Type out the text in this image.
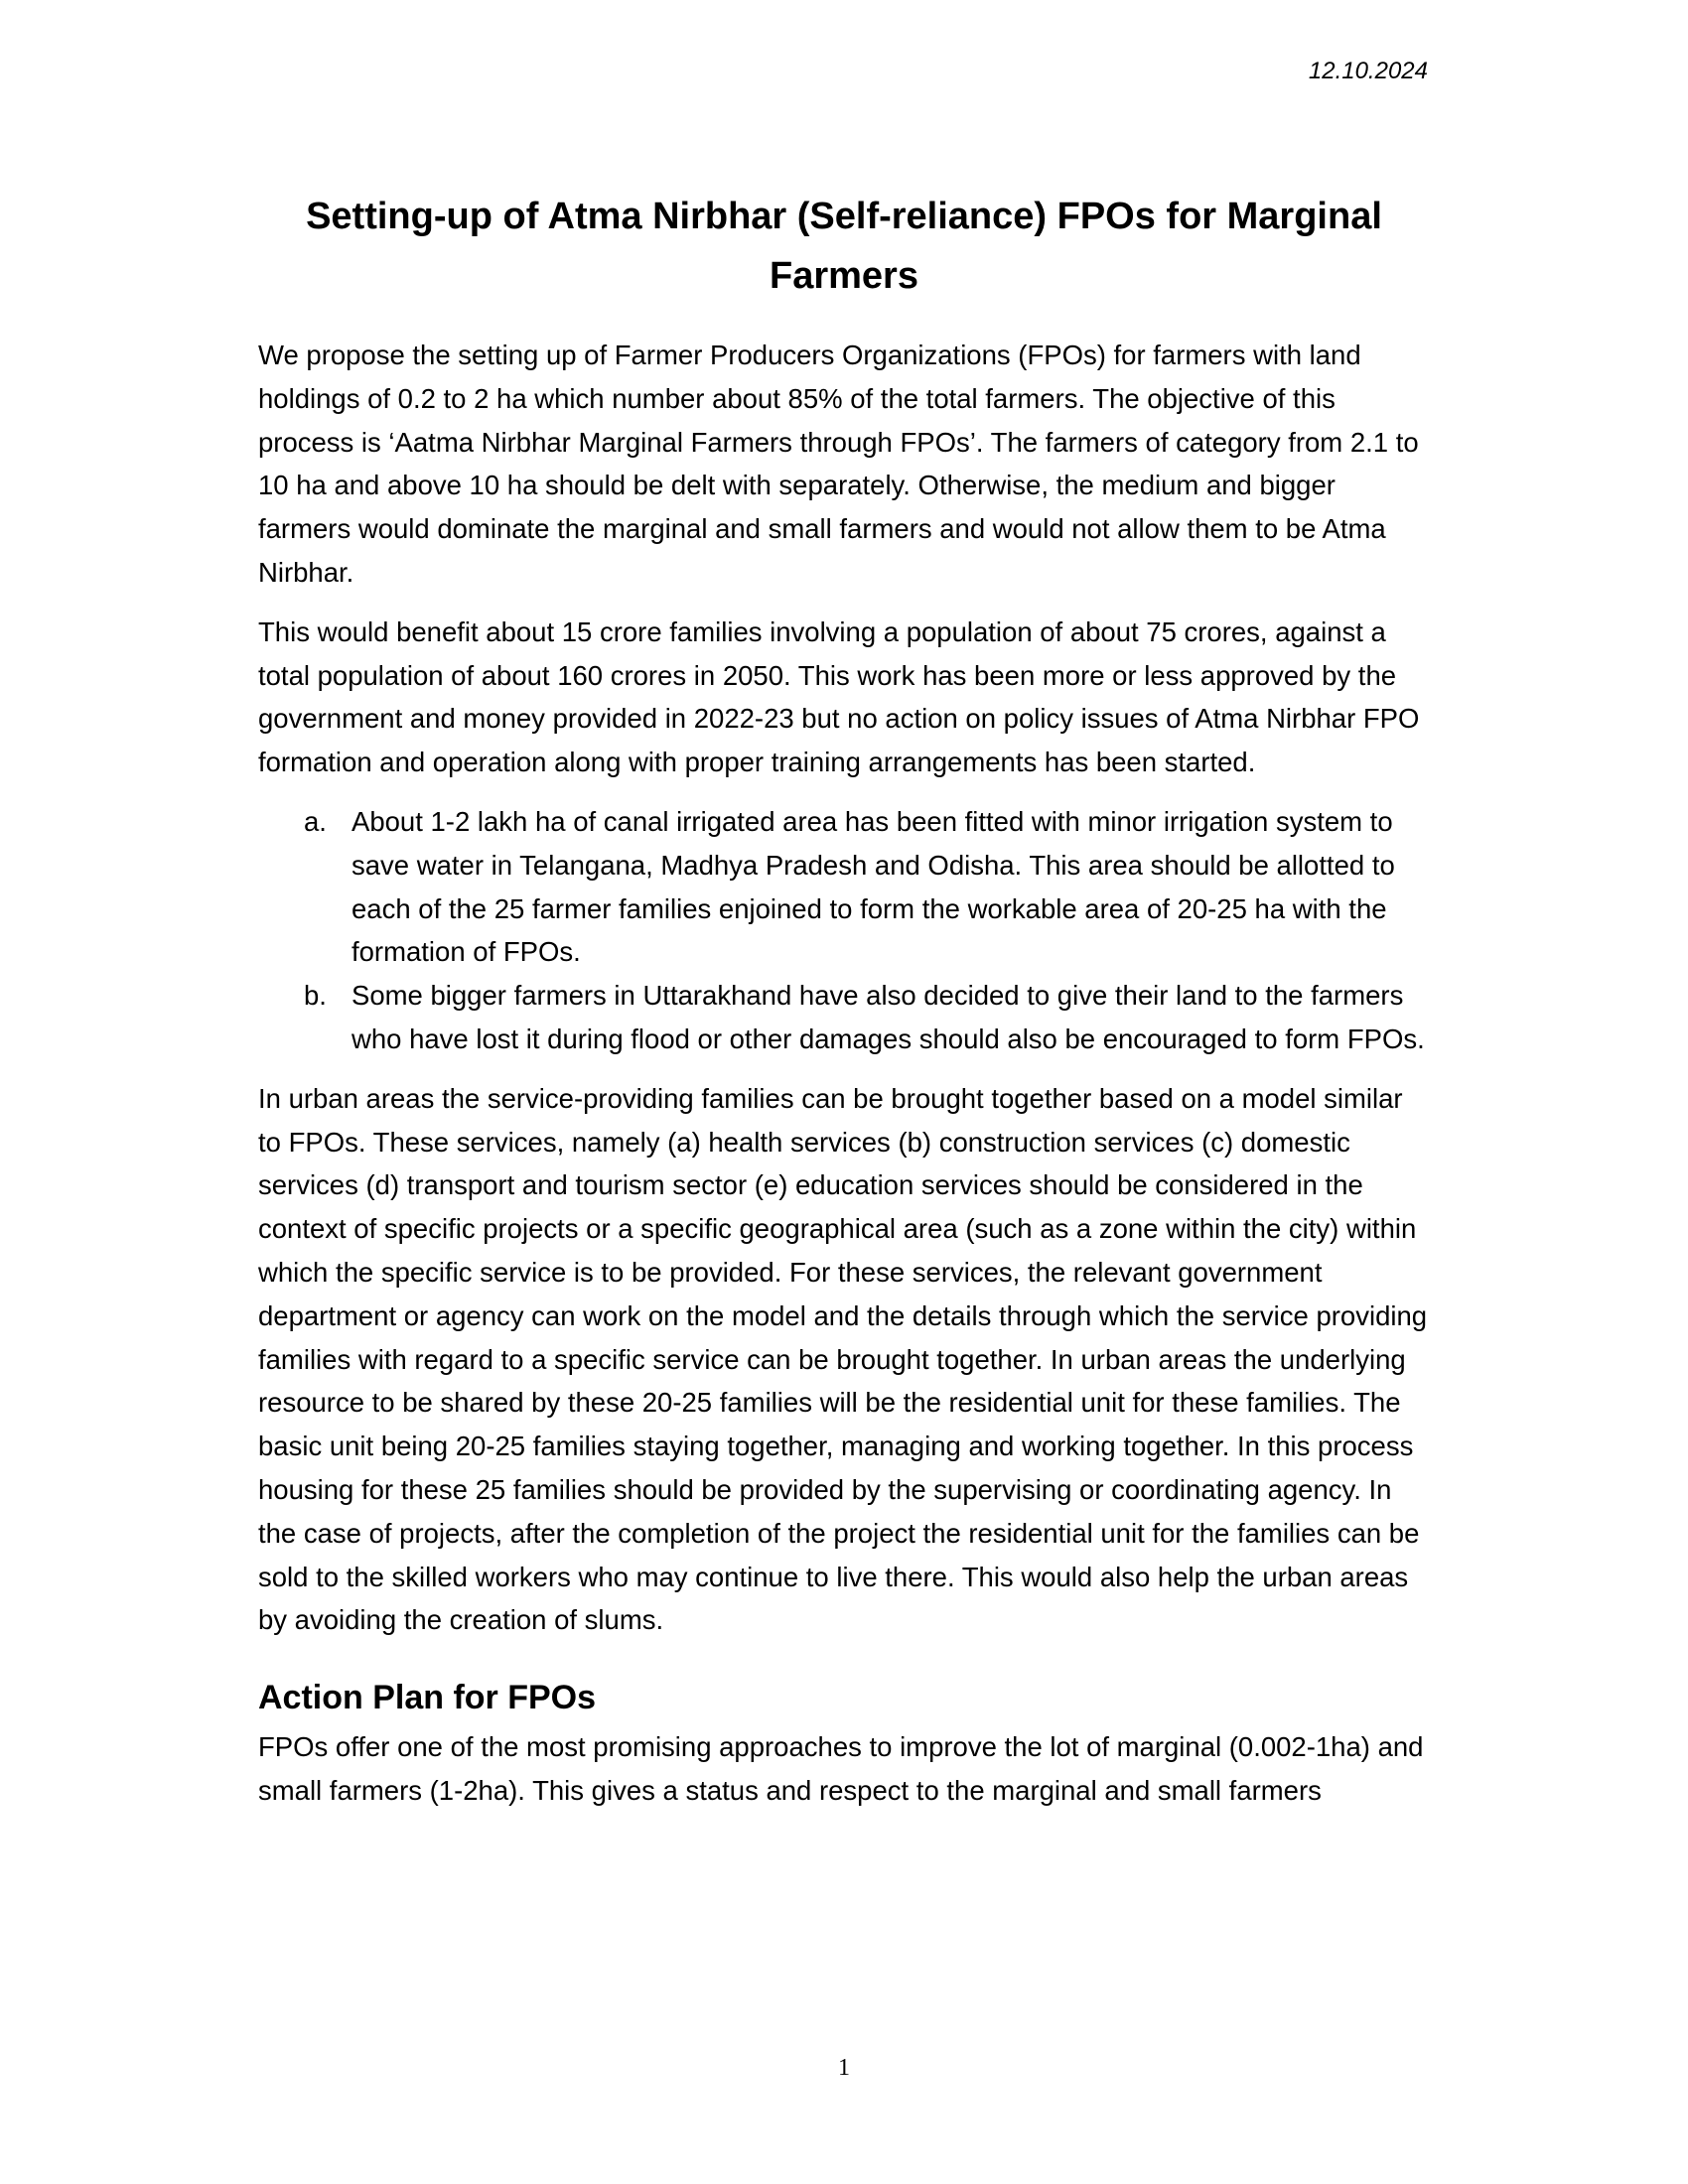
12.10.2024
Setting-up of Atma Nirbhar (Self-reliance) FPOs for Marginal Farmers

We propose the setting up of Farmer Producers Organizations (FPOs) for farmers with land holdings of 0.2 to 2 ha which number about 85% of the total farmers. The objective of this process is ‘Aatma Nirbhar Marginal Farmers through FPOs’. The farmers of category from 2.1 to 10 ha and above 10 ha should be delt with separately. Otherwise, the medium and bigger farmers would dominate the marginal and small farmers and would not allow them to be Atma Nirbhar.

This would benefit about 15 crore families involving a population of about 75 crores, against a total population of about 160 crores in 2050. This work has been more or less approved by the government and money provided in 2022-23 but no action on policy issues of Atma Nirbhar FPO formation and operation along with proper training arrangements has been started.

a. About 1-2 lakh ha of canal irrigated area has been fitted with minor irrigation system to save water in Telangana, Madhya Pradesh and Odisha. This area should be allotted to each of the 25 farmer families enjoined to form the workable area of 20-25 ha with the formation of FPOs.
b. Some bigger farmers in Uttarakhand have also decided to give their land to the farmers who have lost it during flood or other damages should also be encouraged to form FPOs.

In urban areas the service-providing families can be brought together based on a model similar to FPOs. These services, namely (a) health services (b) construction services (c) domestic services (d) transport and tourism sector (e) education services should be considered in the context of specific projects or a specific geographical area (such as a zone within the city) within which the specific service is to be provided. For these services, the relevant government department or agency can work on the model and the details through which the service providing families with regard to a specific service can be brought together. In urban areas the underlying resource to be shared by these 20-25 families will be the residential unit for these families. The basic unit being 20-25 families staying together, managing and working together. In this process housing for these 25 families should be provided by the supervising or coordinating agency. In the case of projects, after the completion of the project the residential unit for the families can be sold to the skilled workers who may continue to live there. This would also help the urban areas by avoiding the creation of slums.

Action Plan for FPOs

FPOs offer one of the most promising approaches to improve the lot of marginal (0.002-1ha) and small farmers (1-2ha). This gives a status and respect to the marginal and small farmers

1
